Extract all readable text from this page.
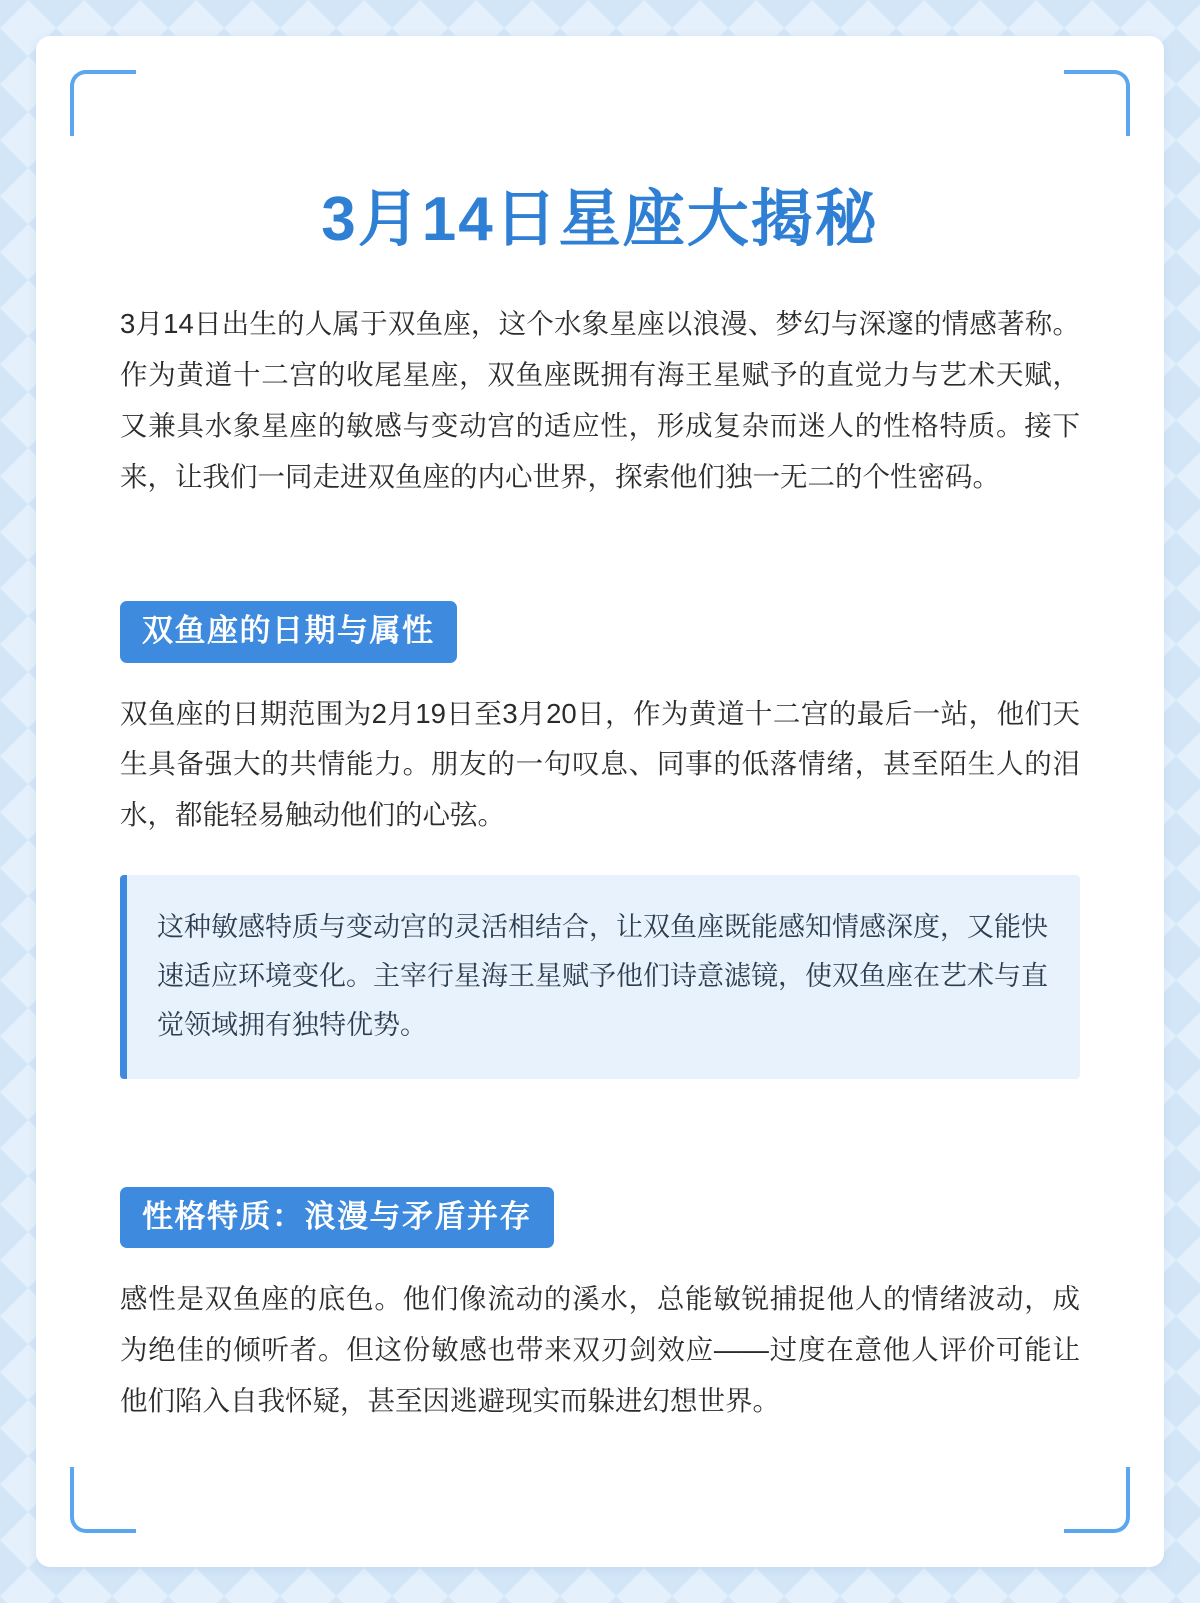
3月14日星座大揭秘

3月14日出生的人属于双鱼座，这个水象星座以浪漫、梦幻与深邃的情感著称。作为黄道十二宫的收尾星座，双鱼座既拥有海王星赋予的直觉力与艺术天赋，又兼具水象星座的敏感与变动宫的适应性，形成复杂而迷人的性格特质。接下来，让我们一同走进双鱼座的内心世界，探索他们独一无二的个性密码。

双鱼座的日期与属性

双鱼座的日期范围为2月19日至3月20日，作为黄道十二宫的最后一站，他们天生具备强大的共情能力。朋友的一句叹息、同事的低落情绪，甚至陌生人的泪水，都能轻易触动他们的心弦。

这种敏感特质与变动宫的灵活相结合，让双鱼座既能感知情感深度，又能快速适应环境变化。主宰行星海王星赋予他们诗意滤镜，使双鱼座在艺术与直觉领域拥有独特优势。

性格特质：浪漫与矛盾并存

感性是双鱼座的底色。他们像流动的溪水，总能敏锐捕捉他人的情绪波动，成为绝佳的倾听者。但这份敏感也带来双刃剑效应——过度在意他人评价可能让他们陷入自我怀疑，甚至因逃避现实而躲进幻想世界。
